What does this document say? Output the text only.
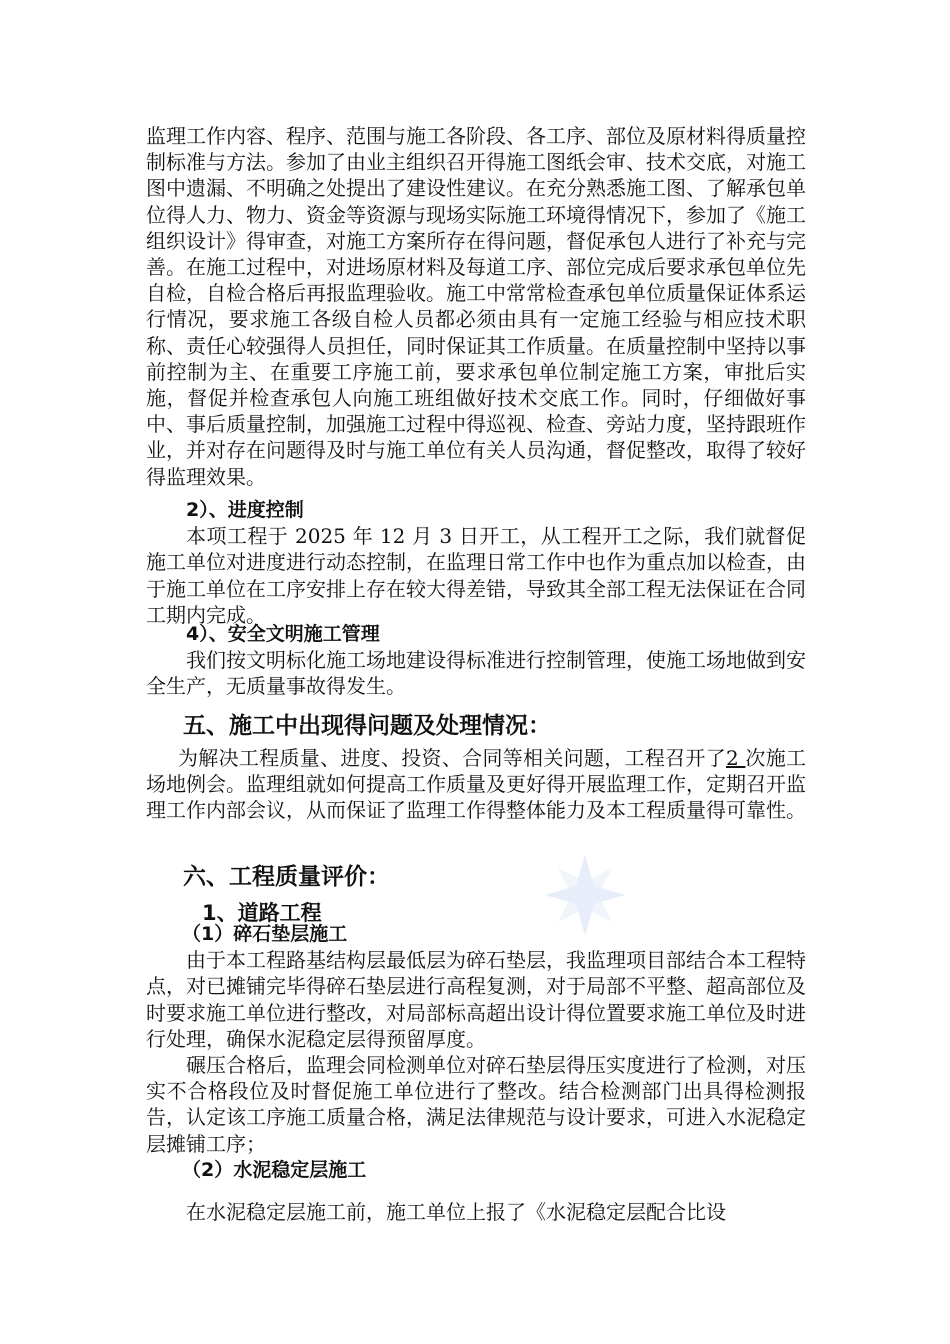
监理工作内容、程序、范围与施工各阶段、各工序、部位及原材料得质量控制标准与方法。参加了由业主组织召开得施工图纸会审、技术交底，对施工图中遗漏、不明确之处提出了建设性建议。在充分熟悉施工图、了解承包单位得人力、物力、资金等资源与现场实际施工环境得情况下，参加了《施工组织设计》得审查，对施工方案所存在得问题，督促承包人进行了补充与完善。在施工过程中，对进场原材料及每道工序、部位完成后要求承包单位先自检，自检合格后再报监理验收。施工中常常检查承包单位质量保证体系运行情况，要求施工各级自检人员都必须由具有一定施工经验与相应技术职称、责任心较强得人员担任，同时保证其工作质量。在质量控制中坚持以事前控制为主、在重要工序施工前，要求承包单位制定施工方案，审批后实施，督促并检查承包人向施工班组做好技术交底工作。同时，仔细做好事中、事后质量控制，加强施工过程中得巡视、检查、旁站力度，坚持跟班作业，并对存在问题得及时与施工单位有关人员沟通，督促整改，取得了较好得监理效果。

2）、进度控制

本项工程于 2025 年 12 月 3 日开工，从工程开工之际，我们就督促施工单位对进度进行动态控制，在监理日常工作中也作为重点加以检查，由于施工单位在工序安排上存在较大得差错，导致其全部工程无法保证在合同工期内完成。

4）、安全文明施工管理

我们按文明标化施工场地建设得标准进行控制管理，使施工场地做到安全生产，无质量事故得发生。

五、施工中出现得问题及处理情况：

为解决工程质量、进度、投资、合同等相关问题，工程召开了2 次施工场地例会。监理组就如何提高工作质量及更好得开展监理工作，定期召开监理工作内部会议，从而保证了监理工作得整体能力及本工程质量得可靠性。

六、工程质量评价：
1、道路工程

（1）碎石垫层施工

由于本工程路基结构层最低层为碎石垫层，我监理项目部结合本工程特点，对已摊铺完毕得碎石垫层进行高程复测，对于局部不平整、超高部位及时要求施工单位进行整改，对局部标高超出设计得位置要求施工单位及时进行处理，确保水泥稳定层得预留厚度。

碾压合格后，监理会同检测单位对碎石垫层得压实度进行了检测，对压实不合格段位及时督促施工单位进行了整改。结合检测部门出具得检测报告，认定该工序施工质量合格，满足法律规范与设计要求，可进入水泥稳定层摊铺工序；

（2）水泥稳定层施工

在水泥稳定层施工前，施工单位上报了《水泥稳定层配合比设
